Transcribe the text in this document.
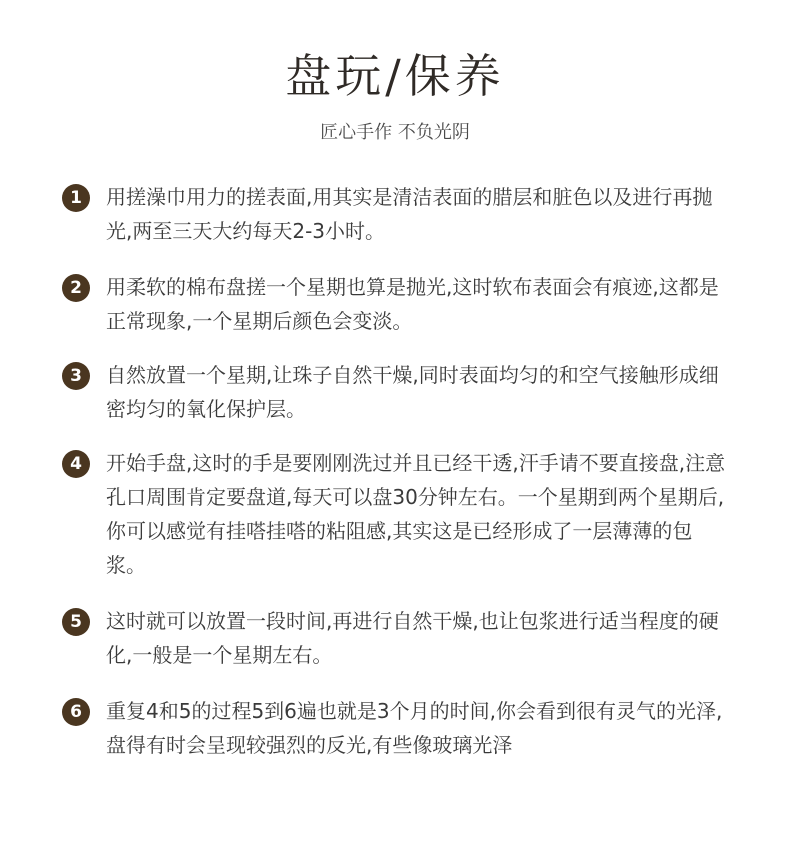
盘玩/保养
匠心手作 不负光阴
1	用搓澡巾用力的搓表面,用其实是清洁表面的腊层和脏色以及进行再抛光,两至三天大约每天2-3小时。
2	用柔软的棉布盘搓一个星期也算是抛光,这时软布表面会有痕迹,这都是正常现象,一个星期后颜色会变淡。
3	自然放置一个星期,让珠子自然干燥,同时表面均匀的和空气接触形成细密均匀的氧化保护层。
4	开始手盘,这时的手是要刚刚洗过并且已经干透,汗手请不要直接盘,注意孔口周围肯定要盘道,每天可以盘30分钟左右。一个星期到两个星期后,你可以感觉有挂嗒挂嗒的粘阻感,其实这是已经形成了一层薄薄的包浆。
5	这时就可以放置一段时间,再进行自然干燥,也让包浆进行适当程度的硬化,一般是一个星期左右。
6	重复4和5的过程5到6遍也就是3个月的时间,你会看到很有灵气的光泽,盘得有时会呈现较强烈的反光,有些像玻璃光泽
